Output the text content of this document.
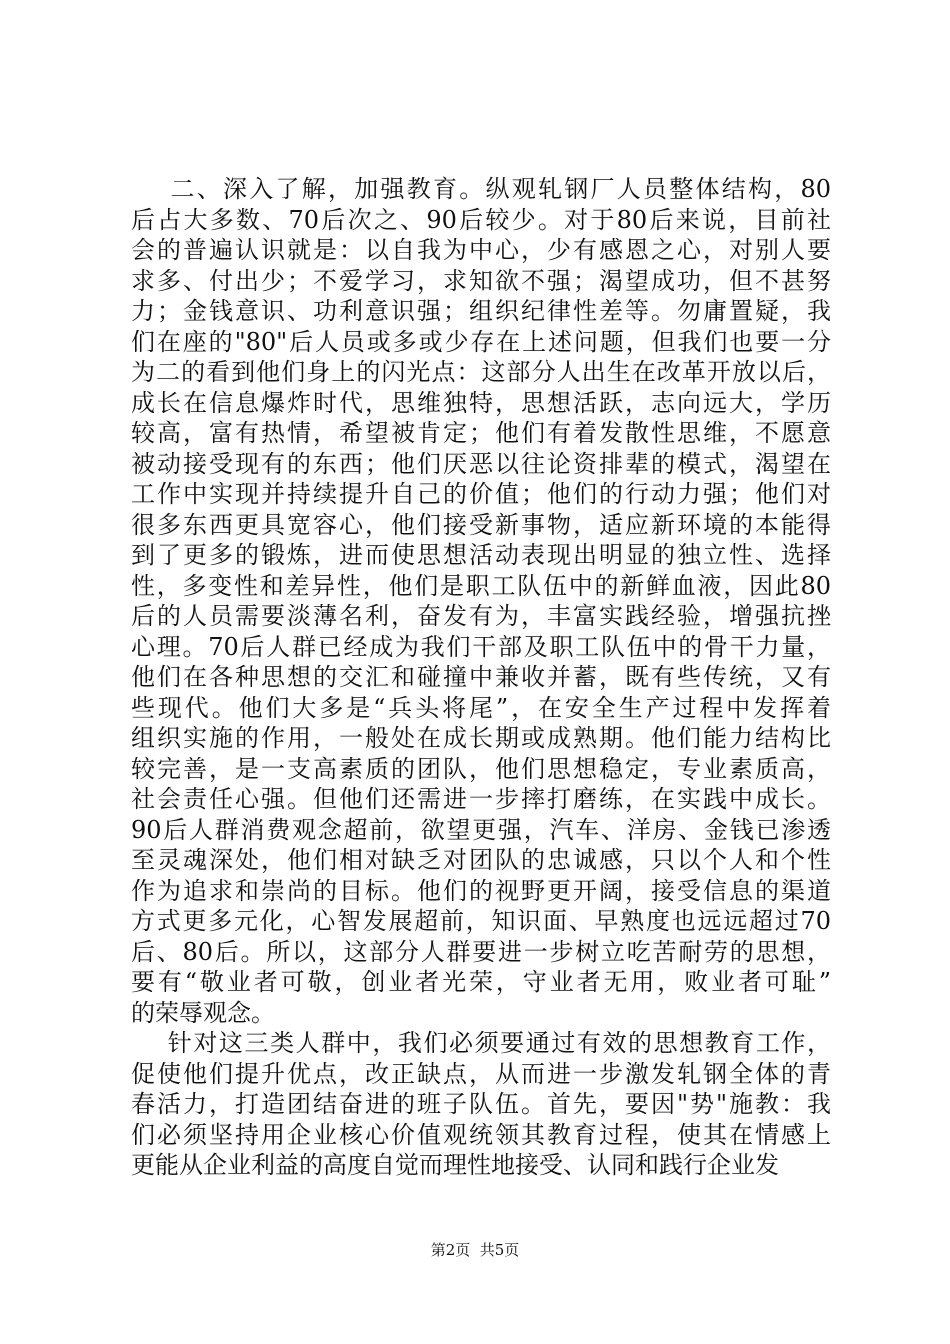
二、深入了解，加强教育。纵观轧钢厂人员整体结构，80
后占大多数、70后次之、90后较少。对于80后来说，目前社
会的普遍认识就是：以自我为中心，少有感恩之心，对别人要
求多、付出少；不爱学习，求知欲不强；渴望成功，但不甚努
力；金钱意识、功利意识强；组织纪律性差等。勿庸置疑，我
们在座的"80"后人员或多或少存在上述问题，但我们也要一分
为二的看到他们身上的闪光点：这部分人出生在改革开放以后，
成长在信息爆炸时代，思维独特，思想活跃，志向远大，学历
较高，富有热情，希望被肯定；他们有着发散性思维，不愿意
被动接受现有的东西；他们厌恶以往论资排辈的模式，渴望在
工作中实现并持续提升自己的价值；他们的行动力强；他们对
很多东西更具宽容心，他们接受新事物，适应新环境的本能得
到了更多的锻炼，进而使思想活动表现出明显的独立性、选择
性，多变性和差异性，他们是职工队伍中的新鲜血液，因此80
后的人员需要淡薄名利，奋发有为，丰富实践经验，增强抗挫
心理。70后人群已经成为我们干部及职工队伍中的骨干力量，
他们在各种思想的交汇和碰撞中兼收并蓄，既有些传统，又有
些现代。他们大多是“兵头将尾”，在安全生产过程中发挥着
组织实施的作用，一般处在成长期或成熟期。他们能力结构比
较完善，是一支高素质的团队，他们思想稳定，专业素质高，
社会责任心强。但他们还需进一步摔打磨练，在实践中成长。
90后人群消费观念超前，欲望更强，汽车、洋房、金钱已渗透
至灵魂深处，他们相对缺乏对团队的忠诚感，只以个人和个性
作为追求和崇尚的目标。他们的视野更开阔，接受信息的渠道
方式更多元化，心智发展超前，知识面、早熟度也远远超过70
后、80后。所以，这部分人群要进一步树立吃苦耐劳的思想，
要有“敬业者可敬，创业者光荣，守业者无用，败业者可耻”
的荣辱观念。
针对这三类人群中，我们必须要通过有效的思想教育工作，
促使他们提升优点，改正缺点，从而进一步激发轧钢全体的青
春活力，打造团结奋进的班子队伍。首先，要因"势"施教：我
们必须坚持用企业核心价值观统领其教育过程，使其在情感上
更能从企业利益的高度自觉而理性地接受、认同和践行企业发
第2页  共5页
